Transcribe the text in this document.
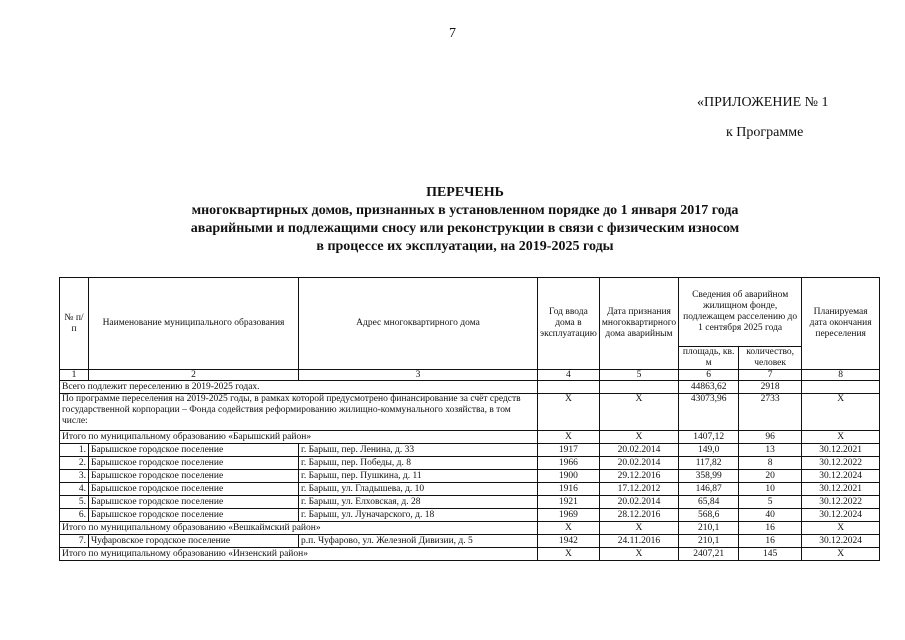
7
«ПРИЛОЖЕНИЕ № 1
к Программе
ПЕРЕЧЕНЬ
многоквартирных домов, признанных в установленном порядке до 1 января 2017 года
аварийными и подлежащими сносу или реконструкции в связи с физическим износом
в процессе их эксплуатации, на 2019-2025 годы
№ п/п	Наименование муниципального образования	Адрес многоквартирного дома	Год ввода дома в эксплуатацию	Дата признания многоквартирного дома аварийным	Сведения об аварийном жилищном фонде, подлежащем расселению до 1 сентября 2025 года		Планируемая дата окончания переселения
					площадь, кв. м	количество, человек	
1	2	3	4	5	6	7	8
Всего подлежит переселению в 2019-2025 годах.					44863,62	2918	
По программе переселения на 2019-2025 годы, в рамках которой предусмотрено финансирование за счёт средств государственной корпорации – Фонда содействия реформированию жилищно-коммунального хозяйства, в том числе:			X	X	43073,96	2733	X
Итого по муниципальному образованию «Барышский район»			X	X	1407,12	96	X
1.	Барышское городское поселение	г. Барыш, пер. Ленина, д. 33	1917	20.02.2014	149,0	13	30.12.2021
2.	Барышское городское поселение	г. Барыш, пер. Победы, д. 8	1966	20.02.2014	117,82	8	30.12.2022
3.	Барышское городское поселение	г. Барыш, пер. Пушкина, д. 11	1900	29.12.2016	358,99	20	30.12.2024
4.	Барышское городское поселение	г. Барыш, ул. Гладышева, д. 10	1916	17.12.2012	146,87	10	30.12.2021
5.	Барышское городское поселение	г. Барыш, ул. Елховская, д. 28	1921	20.02.2014	65,84	5	30.12.2022
6.	Барышское городское поселение	г. Барыш, ул. Луначарского, д. 18	1969	28.12.2016	568,6	40	30.12.2024
Итого по муниципальному образованию «Вешкаймский район»			X	X	210,1	16	X
7.	Чуфаровское городское поселение	р.п. Чуфарово, ул. Железной Дивизии, д. 5	1942	24.11.2016	210,1	16	30.12.2024
Итого по муниципальному образованию «Инзенский район»			X	X	2407,21	145	X
